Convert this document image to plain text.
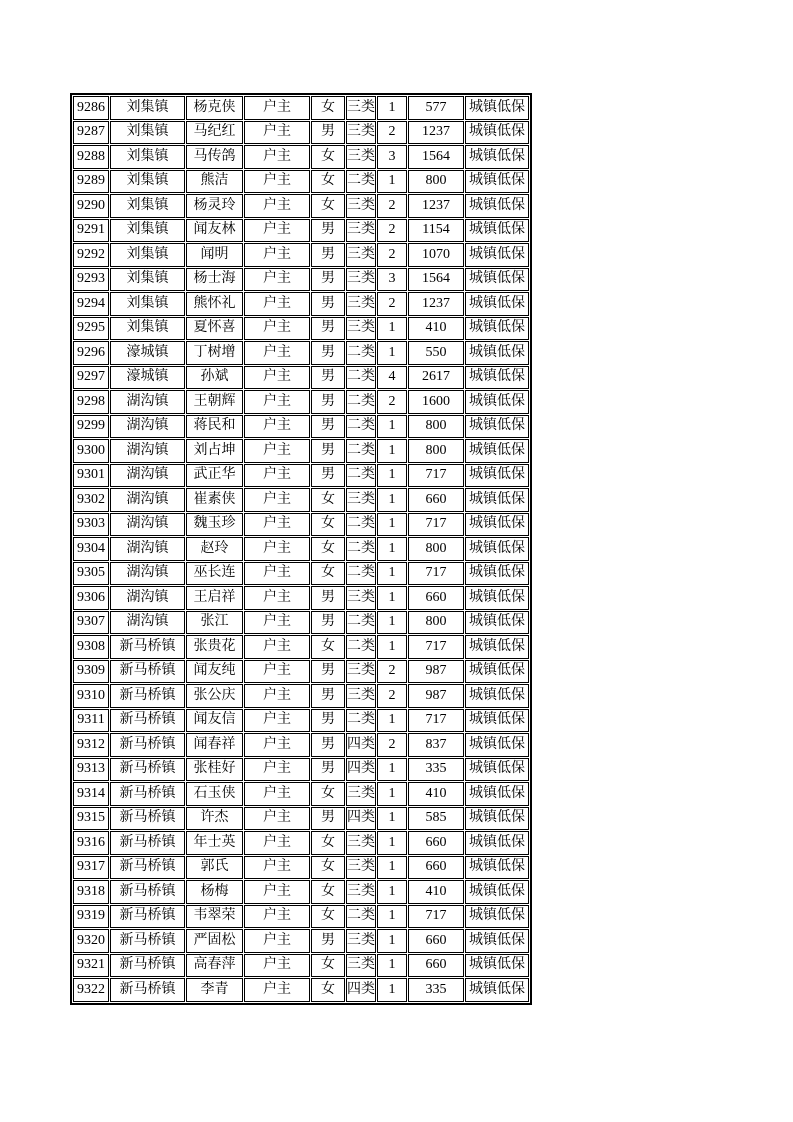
9286	刘集镇	杨克侠	户主	女	三类	1	577	城镇低保
9287	刘集镇	马纪红	户主	男	三类	2	1237	城镇低保
9288	刘集镇	马传鸽	户主	女	三类	3	1564	城镇低保
9289	刘集镇	熊洁	户主	女	二类	1	800	城镇低保
9290	刘集镇	杨灵玲	户主	女	三类	2	1237	城镇低保
9291	刘集镇	闻友林	户主	男	三类	2	1154	城镇低保
9292	刘集镇	闻明	户主	男	三类	2	1070	城镇低保
9293	刘集镇	杨士海	户主	男	三类	3	1564	城镇低保
9294	刘集镇	熊怀礼	户主	男	三类	2	1237	城镇低保
9295	刘集镇	夏怀喜	户主	男	三类	1	410	城镇低保
9296	濠城镇	丁树增	户主	男	二类	1	550	城镇低保
9297	濠城镇	孙斌	户主	男	二类	4	2617	城镇低保
9298	湖沟镇	王朝辉	户主	男	二类	2	1600	城镇低保
9299	湖沟镇	蒋民和	户主	男	二类	1	800	城镇低保
9300	湖沟镇	刘占坤	户主	男	二类	1	800	城镇低保
9301	湖沟镇	武正华	户主	男	二类	1	717	城镇低保
9302	湖沟镇	崔素侠	户主	女	三类	1	660	城镇低保
9303	湖沟镇	魏玉珍	户主	女	二类	1	717	城镇低保
9304	湖沟镇	赵玲	户主	女	二类	1	800	城镇低保
9305	湖沟镇	巫长连	户主	女	二类	1	717	城镇低保
9306	湖沟镇	王启祥	户主	男	三类	1	660	城镇低保
9307	湖沟镇	张江	户主	男	二类	1	800	城镇低保
9308	新马桥镇	张贵花	户主	女	二类	1	717	城镇低保
9309	新马桥镇	闻友纯	户主	男	三类	2	987	城镇低保
9310	新马桥镇	张公庆	户主	男	三类	2	987	城镇低保
9311	新马桥镇	闻友信	户主	男	二类	1	717	城镇低保
9312	新马桥镇	闻春祥	户主	男	四类	2	837	城镇低保
9313	新马桥镇	张桂好	户主	男	四类	1	335	城镇低保
9314	新马桥镇	石玉侠	户主	女	三类	1	410	城镇低保
9315	新马桥镇	许杰	户主	男	四类	1	585	城镇低保
9316	新马桥镇	年士英	户主	女	三类	1	660	城镇低保
9317	新马桥镇	郭氏	户主	女	三类	1	660	城镇低保
9318	新马桥镇	杨梅	户主	女	三类	1	410	城镇低保
9319	新马桥镇	韦翠荣	户主	女	二类	1	717	城镇低保
9320	新马桥镇	严固松	户主	男	三类	1	660	城镇低保
9321	新马桥镇	高春萍	户主	女	三类	1	660	城镇低保
9322	新马桥镇	李青	户主	女	四类	1	335	城镇低保
